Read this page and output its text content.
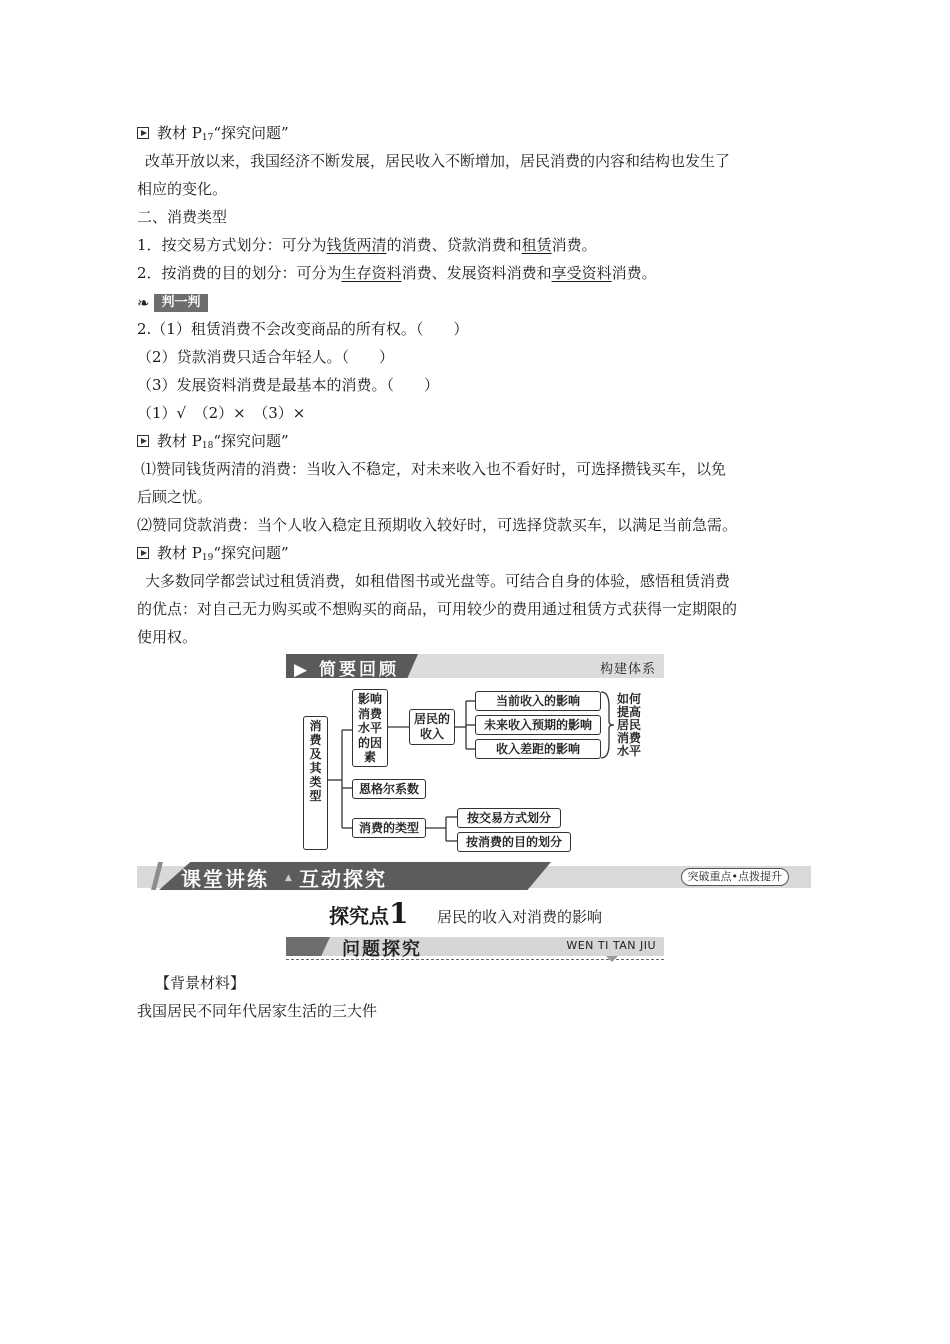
教材 $P_{17}“$探究问题”
改革开放以来，我国经济不断发展，居民收入不断增加，居民消费的内容和结构也发生了
相应的变化。
二、消费类型
1．按交易方式划分：可分为钱货两清的消费、贷款消费和租赁消费。
2．按消费的目的划分：可分为生存资料消费、发展资料消费和享受资料消费。
❧ 判一判
2.（1）租赁消费不会改变商品的所有权。（　　）
（2）贷款消费只适合年轻人。（　　）
（3）发展资料消费是最基本的消费。（　　）
（1）√　（2）×　（3）×
教材 $P_{18}“$探究问题”
⑴赞同钱货两清的消费：当收入不稳定，对未来收入也不看好时，可选择攒钱买车，以免
后顾之忧。
⑵赞同贷款消费：当个人收入稳定且预期收入较好时，可选择贷款买车，以满足当前急需。
教材 $P_{19}“$探究问题”
大多数同学都尝试过租赁消费，如租借图书或光盘等。可结合自身的体验，感悟租赁消费
的优点：对自己无力购买或不想购买的商品，可用较少的费用通过租赁方式获得一定期限的
使用权。
▶ 简要回顾	构建体系
消费及其类型
影响消费水平的因素
居民的收入
当前收入的影响
未来收入预期的影响
收入差距的影响
如何提高居民消费水平
恩格尔系数
消费的类型
按交易方式划分
按消费的目的划分
课堂讲练 ▲ 互动探究	突破重点•点拨提升
探究点1 居民的收入对消费的影响
问题探究	WEN TI TAN JIU
【背景材料】
我国居民不同年代居家生活的三大件
